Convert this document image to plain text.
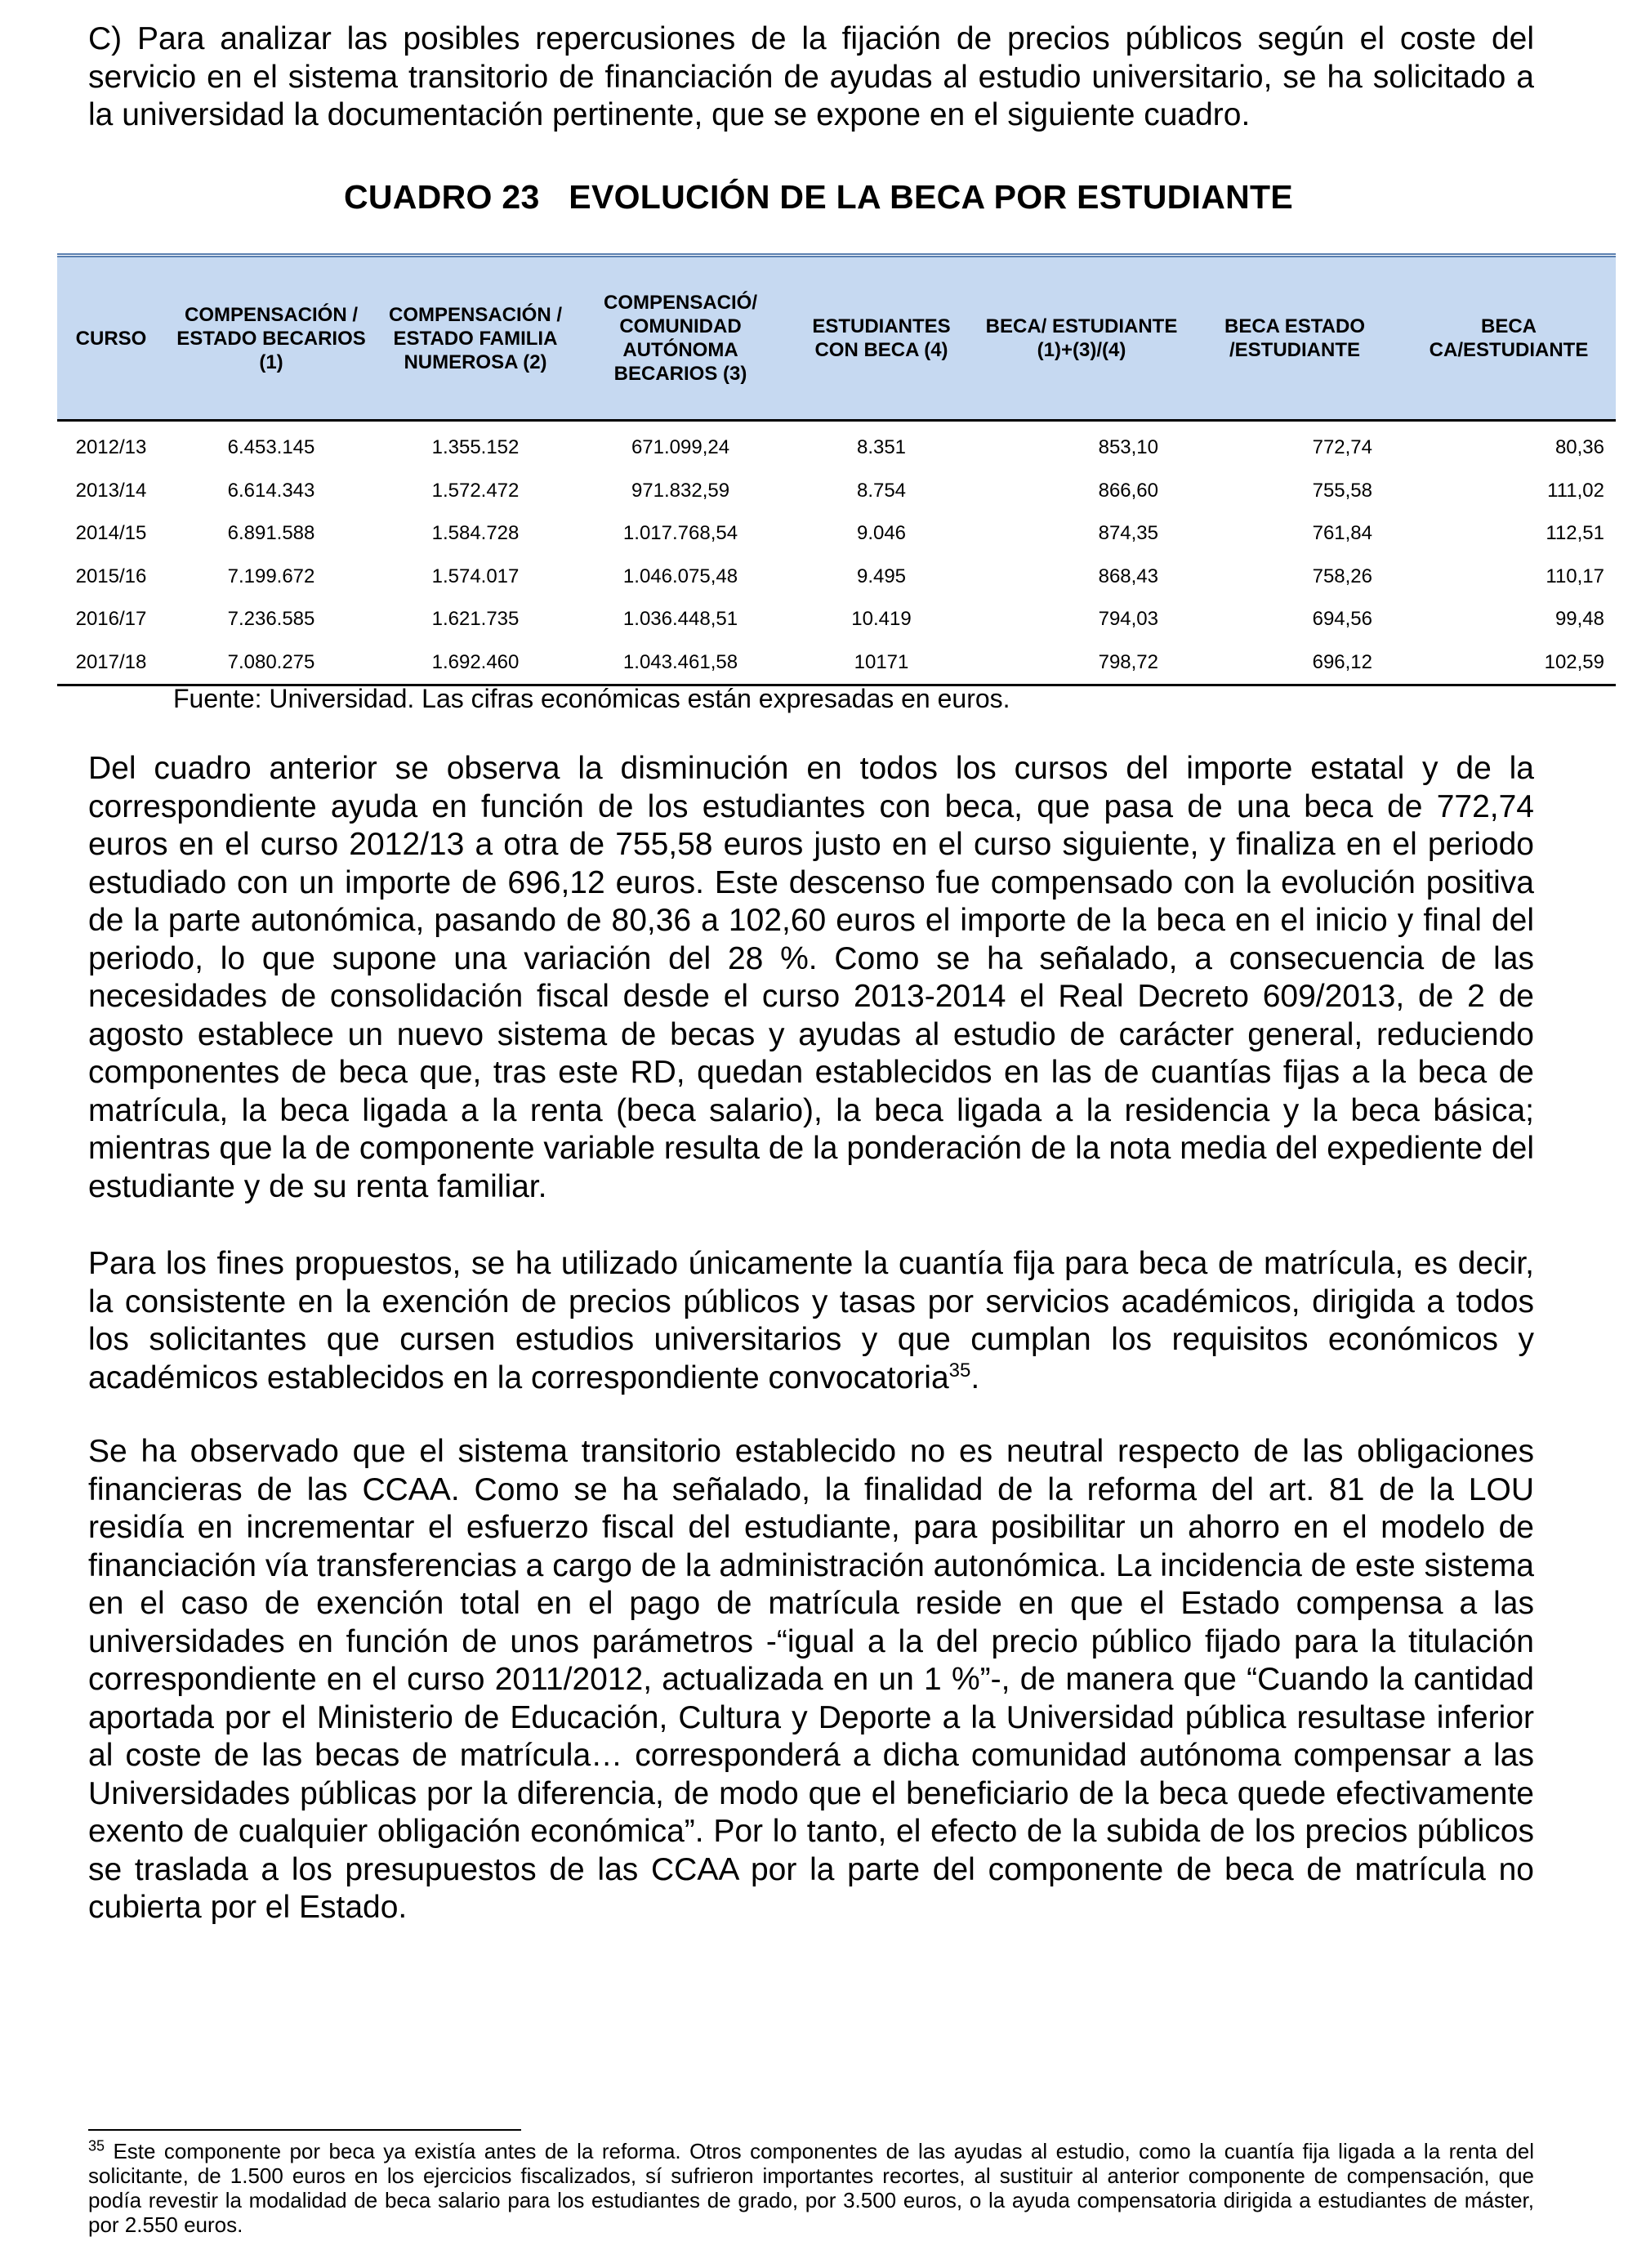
C) Para analizar las posibles repercusiones de la fijación de precios públicos según el coste del servicio en el sistema transitorio de financiación de ayudas al estudio universitario, se ha solicitado a la universidad la documentación pertinente, que se expone en el siguiente cuadro.

CUADRO 23 EVOLUCIÓN DE LA BECA POR ESTUDIANTE
CURSO	COMPENSACIÓN / ESTADO BECARIOS (1)	COMPENSACIÓN / ESTADO FAMILIA NUMEROSA (2)	COMPENSACIÓ/ COMUNIDAD AUTÓNOMA BECARIOS (3)	ESTUDIANTES CON BECA (4)	BECA/ ESTUDIANTE (1)+(3)/(4)	BECA ESTADO /ESTUDIANTE	BECA CA/ESTUDIANTE
2012/13	6.453.145	1.355.152	671.099,24	8.351	853,10	772,74	80,36
2013/14	6.614.343	1.572.472	971.832,59	8.754	866,60	755,58	111,02
2014/15	6.891.588	1.584.728	1.017.768,54	9.046	874,35	761,84	112,51
2015/16	7.199.672	1.574.017	1.046.075,48	9.495	868,43	758,26	110,17
2016/17	7.236.585	1.621.735	1.036.448,51	10.419	794,03	694,56	99,48
2017/18	7.080.275	1.692.460	1.043.461,58	10171	798,72	696,12	102,59
Fuente: Universidad. Las cifras económicas están expresadas en euros.

Del cuadro anterior se observa la disminución en todos los cursos del importe estatal y de la correspondiente ayuda en función de los estudiantes con beca, que pasa de una beca de 772,74 euros en el curso 2012/13 a otra de 755,58 euros justo en el curso siguiente, y finaliza en el periodo estudiado con un importe de 696,12 euros. Este descenso fue compensado con la evolución positiva de la parte autonómica, pasando de 80,36 a 102,60 euros el importe de la beca en el inicio y final del periodo, lo que supone una variación del 28 %. Como se ha señalado, a consecuencia de las necesidades de consolidación fiscal desde el curso 2013-2014 el Real Decreto 609/2013, de 2 de agosto establece un nuevo sistema de becas y ayudas al estudio de carácter general, reduciendo componentes de beca que, tras este RD, quedan establecidos en las de cuantías fijas a la beca de matrícula, la beca ligada a la renta (beca salario), la beca ligada a la residencia y la beca básica; mientras que la de componente variable resulta de la ponderación de la nota media del expediente del estudiante y de su renta familiar.

Para los fines propuestos, se ha utilizado únicamente la cuantía fija para beca de matrícula, es decir, la consistente en la exención de precios públicos y tasas por servicios académicos, dirigida a todos los solicitantes que cursen estudios universitarios y que cumplan los requisitos económicos y académicos establecidos en la correspondiente convocatoria$^{35}$.

Se ha observado que el sistema transitorio establecido no es neutral respecto de las obligaciones financieras de las CCAA. Como se ha señalado, la finalidad de la reforma del art. 81 de la LOU residía en incrementar el esfuerzo fiscal del estudiante, para posibilitar un ahorro en el modelo de financiación vía transferencias a cargo de la administración autonómica. La incidencia de este sistema en el caso de exención total en el pago de matrícula reside en que el Estado compensa a las universidades en función de unos parámetros -“igual a la del precio público fijado para la titulación correspondiente en el curso 2011/2012, actualizada en un 1 %”-, de manera que “Cuando la cantidad aportada por el Ministerio de Educación, Cultura y Deporte a la Universidad pública resultase inferior al coste de las becas de matrícula… corresponderá a dicha comunidad autónoma compensar a las Universidades públicas por la diferencia, de modo que el beneficiario de la beca quede efectivamente exento de cualquier obligación económica”. Por lo tanto, el efecto de la subida de los precios públicos se traslada a los presupuestos de las CCAA por la parte del componente de beca de matrícula no cubierta por el Estado.

$^{35}$ Este componente por beca ya existía antes de la reforma. Otros componentes de las ayudas al estudio, como la cuantía fija ligada a la renta del solicitante, de 1.500 euros en los ejercicios fiscalizados, sí sufrieron importantes recortes, al sustituir al anterior componente de compensación, que podía revestir la modalidad de beca salario para los estudiantes de grado, por 3.500 euros, o la ayuda compensatoria dirigida a estudiantes de máster, por 2.550 euros.
